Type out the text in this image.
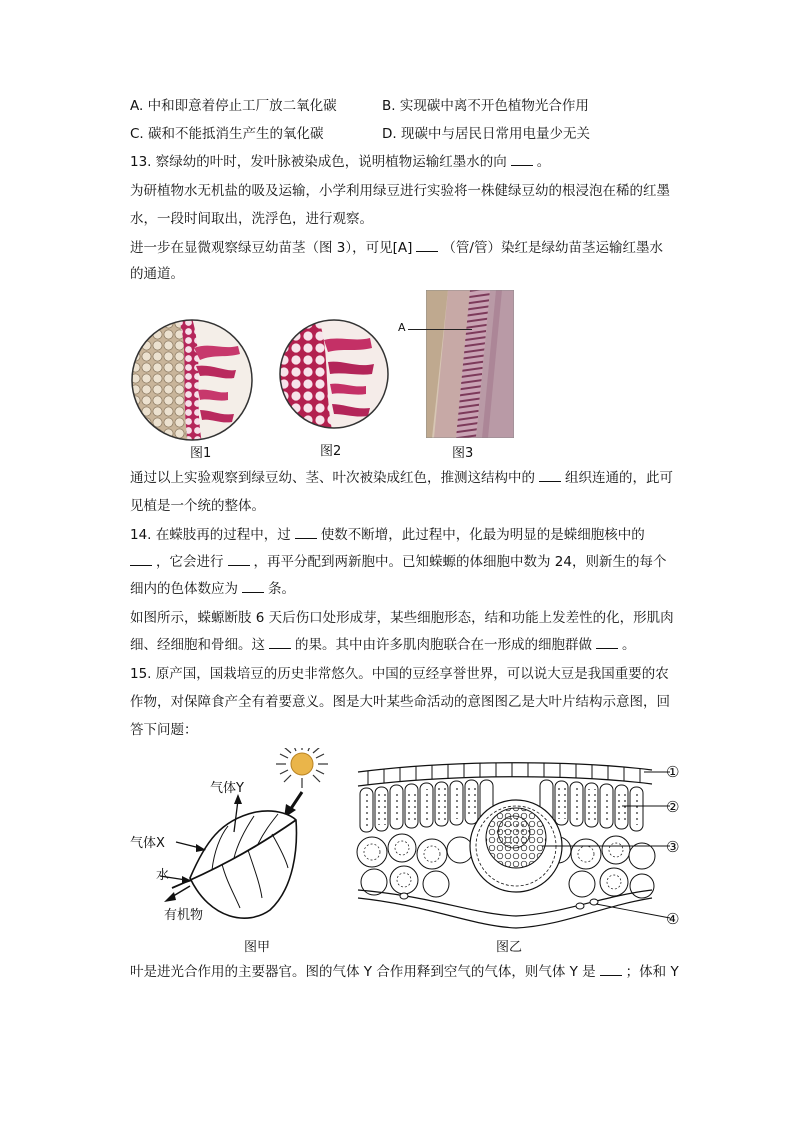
A. 中和即意着停止工厂放二氧化碳	B. 实现碳中离不开色植物光合作用
C. 碳和不能抵消生产生的氧化碳	D. 现碳中与居民日常用电量少无关
13. 察绿幼的叶时，发叶脉被染成色，说明植物运输红墨水的向 。
为研植物水无机盐的吸及运输，小学利用绿豆进行实验将一株健绿豆幼的根浸泡在稀的红墨
水，一段时间取出，洗浮色，进行观察。
进一步在显微观察绿豆幼苗茎（图 3），可见[A] （管/管）染红是绿幼苗茎运输红墨水
的通道。
图1	图2
A
图3
通过以上实验观察到绿豆幼、茎、叶次被染成红色，推测这结构中的 组织连通的，此可
见植是一个统的整体。
14. 在蝾肢再的过程中，过 使数不断增，此过程中，化最为明显的是蝾细胞核中的
，它会进行 ，再平分配到两新胞中。已知蝾螈的体细胞中数为 24，则新生的每个
细内的色体数应为 条。
如图所示，蝾螈断肢 6 天后伤口处形成芽，某些细胞形态，结和功能上发差性的化，形肌肉
细、经细胞和骨细。这 的果。其中由许多肌肉胞联合在一形成的细胞群做 。
15. 原产国，国栽培豆的历史非常悠久。中国的豆经享誉世界，可以说大豆是我国重要的农
作物，对保障食产全有着要意义。图是大叶某些命活动的意图图乙是大叶片结构示意图，回
答下问题：
气体Y
气体X
水
有机物
图甲
①
②
③
④
图乙
叶是进光合作用的主要器官。图的气体 Y 合作用释到空气的气体，则气体 Y 是 ；体和 Y
